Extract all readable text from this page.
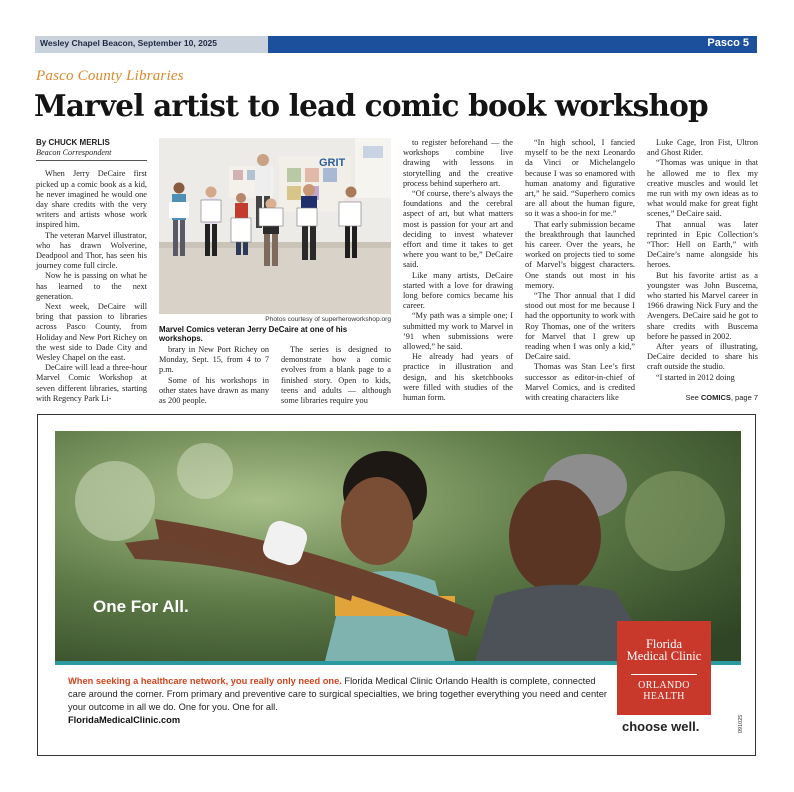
Wesley Chapel Beacon, September 10, 2025	Pasco 5
Pasco County Libraries
Marvel artist to lead comic book workshop

By CHUCK MERLIS

Beacon Correspondent

When Jerry DeCaire first picked up a comic book as a kid, he never imagined he would one day share credits with the very writers and artists whose work inspired him.

The veteran Marvel illustrator, who has drawn Wolverine, Deadpool and Thor, has seen his journey come full circle.

Now he is passing on what he has learned to the next generation.

Next week, DeCaire will bring that passion to libraries across Pasco County, from Holiday and New Port Richey on the west side to Dade City and Wesley Chapel on the east.

DeCaire will lead a three-hour Marvel Comic Workshop at seven different libraries, starting with Regency Park Li-

GRIT
Photos courtesy of superheroworkshop.org
Marvel Comics veteran Jerry DeCaire at one of his workshops.

brary in New Port Richey on Monday, Sept. 15, from 4 to 7 p.m.

Some of his workshops in other states have drawn as many as 200 people.

The series is designed to demonstrate how a comic evolves from a blank page to a finished story. Open to kids, teens and adults — although some libraries require you

to register beforehand — the workshops combine live drawing with lessons in storytelling and the creative process behind superhero art.

“Of course, there’s always the foundations and the cerebral aspect of art, but what matters most is passion for your art and deciding to invest whatever effort and time it takes to get where you want to be,” DeCaire said.

Like many artists, DeCaire started with a love for drawing long before comics became his career.

“My path was a simple one; I submitted my work to Marvel in ’91 when submissions were allowed,” he said.

He already had years of practice in illustration and design, and his sketchbooks were filled with studies of the human form.

“In high school, I fancied myself to be the next Leonardo da Vinci or Michelangelo because I was so enamored with human anatomy and figurative art,” he said. “Superhero comics are all about the human figure, so it was a shoo-in for me.”

That early submission became the breakthrough that launched his career. Over the years, he worked on projects tied to some of Marvel’s biggest characters. One stands out most in his memory.

“The Thor annual that I did stood out most for me because I had the opportunity to work with Roy Thomas, one of the writers for Marvel that I grew up reading when I was only a kid,” DeCaire said.

Thomas was Stan Lee’s first successor as editor-in-chief of Marvel Comics, and is credited with creating characters like

Luke Cage, Iron Fist, Ultron and Ghost Rider.

“Thomas was unique in that he allowed me to flex my creative muscles and would let me run with my own ideas as to what would make for great fight scenes,” DeCaire said.

That annual was later reprinted in Epic Collection’s “Thor: Hell on Earth,” with DeCaire’s name alongside his heroes.

But his favorite artist as a youngster was John Buscema, who started his Marvel career in 1966 drawing Nick Fury and the Avengers. DeCaire said he got to share credits with Buscema before he passed in 2002.

After years of illustrating, DeCaire decided to share his craft outside the studio.

“I started in 2012 doing

See COMICS, page 7
One For All.
When seeking a healthcare network, you really only need one. Florida Medical Clinic Orlando Health is complete, connected care around the corner. From primary and preventive care to surgical specialties, we bring together everything you need and center your outcome in all we do. One for you. One for all.
FloridaMedicalClinic.com
Florida
Medical Clinic
ORLANDO
HEALTH
choose well.	091025
